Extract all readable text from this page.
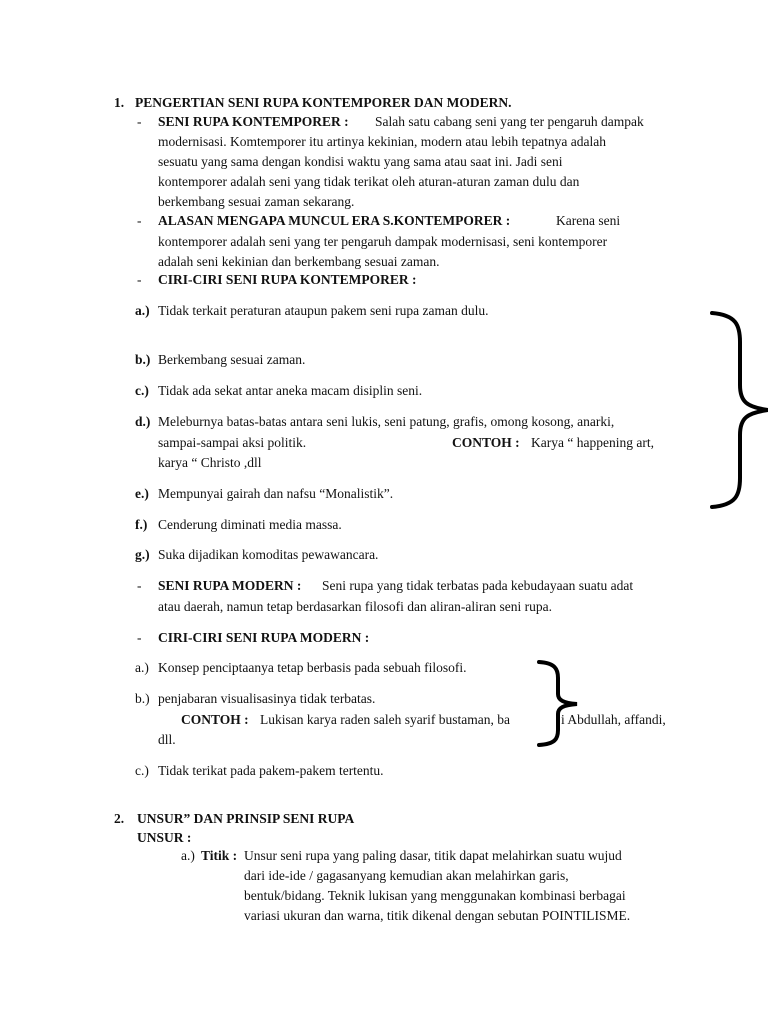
1. PENGERTIAN SENI RUPA KONTEMPORER DAN MODERN.
- SENI RUPA KONTEMPORER : Salah satu cabang seni yang ter pengaruh dampak
modernisasi. Komtemporer itu artinya kekinian, modern atau lebih tepatnya adalah
sesuatu yang sama dengan kondisi waktu yang sama atau saat ini. Jadi seni
kontemporer adalah seni yang tidak terikat oleh aturan-aturan zaman dulu dan
berkembang sesuai zaman sekarang.
- ALASAN MENGAPA MUNCUL ERA S.KONTEMPORER :	Karena seni
kontemporer adalah seni yang ter pengaruh dampak modernisasi, seni kontemporer
adalah seni kekinian dan berkembang sesuai zaman.
- CIRI-CIRI SENI RUPA KONTEMPORER :
a.) Tidak terkait peraturan ataupun pakem seni rupa zaman dulu.
b.) Berkembang sesuai zaman.
c.) Tidak ada sekat antar aneka macam disiplin seni.
d.) Meleburnya batas-batas antara seni lukis, seni patung, grafis, omong kosong, anarki,
sampai-sampai aksi politik.	CONTOH : Karya “ happening art,
karya “ Christo ,dll
e.) Mempunyai gairah dan nafsu “Monalistik”.
f.) Cenderung diminati media massa.
g.) Suka dijadikan komoditas pewawancara.
- SENI RUPA MODERN : Seni rupa yang tidak terbatas pada kebudayaan suatu adat
atau daerah, namun tetap berdasarkan filosofi dan aliran-aliran seni rupa.
- CIRI-CIRI SENI RUPA MODERN :
a.) Konsep penciptaanya tetap berbasis pada sebuah filosofi.
b.) penjabaran visualisasinya tidak terbatas.
CONTOH : Lukisan karya raden saleh syarif bustaman, ba	i Abdullah, affandi,
dll.
c.) Tidak terikat pada pakem-pakem tertentu.
2. UNSUR” DAN PRINSIP SENI RUPA
UNSUR :
a.) Titik : Unsur seni rupa yang paling dasar, titik dapat melahirkan suatu wujud
dari ide-ide / gagasanyang kemudian akan melahirkan garis,
bentuk/bidang. Teknik lukisan yang menggunakan kombinasi berbagai
variasi ukuran dan warna, titik dikenal dengan sebutan POINTILISME.
